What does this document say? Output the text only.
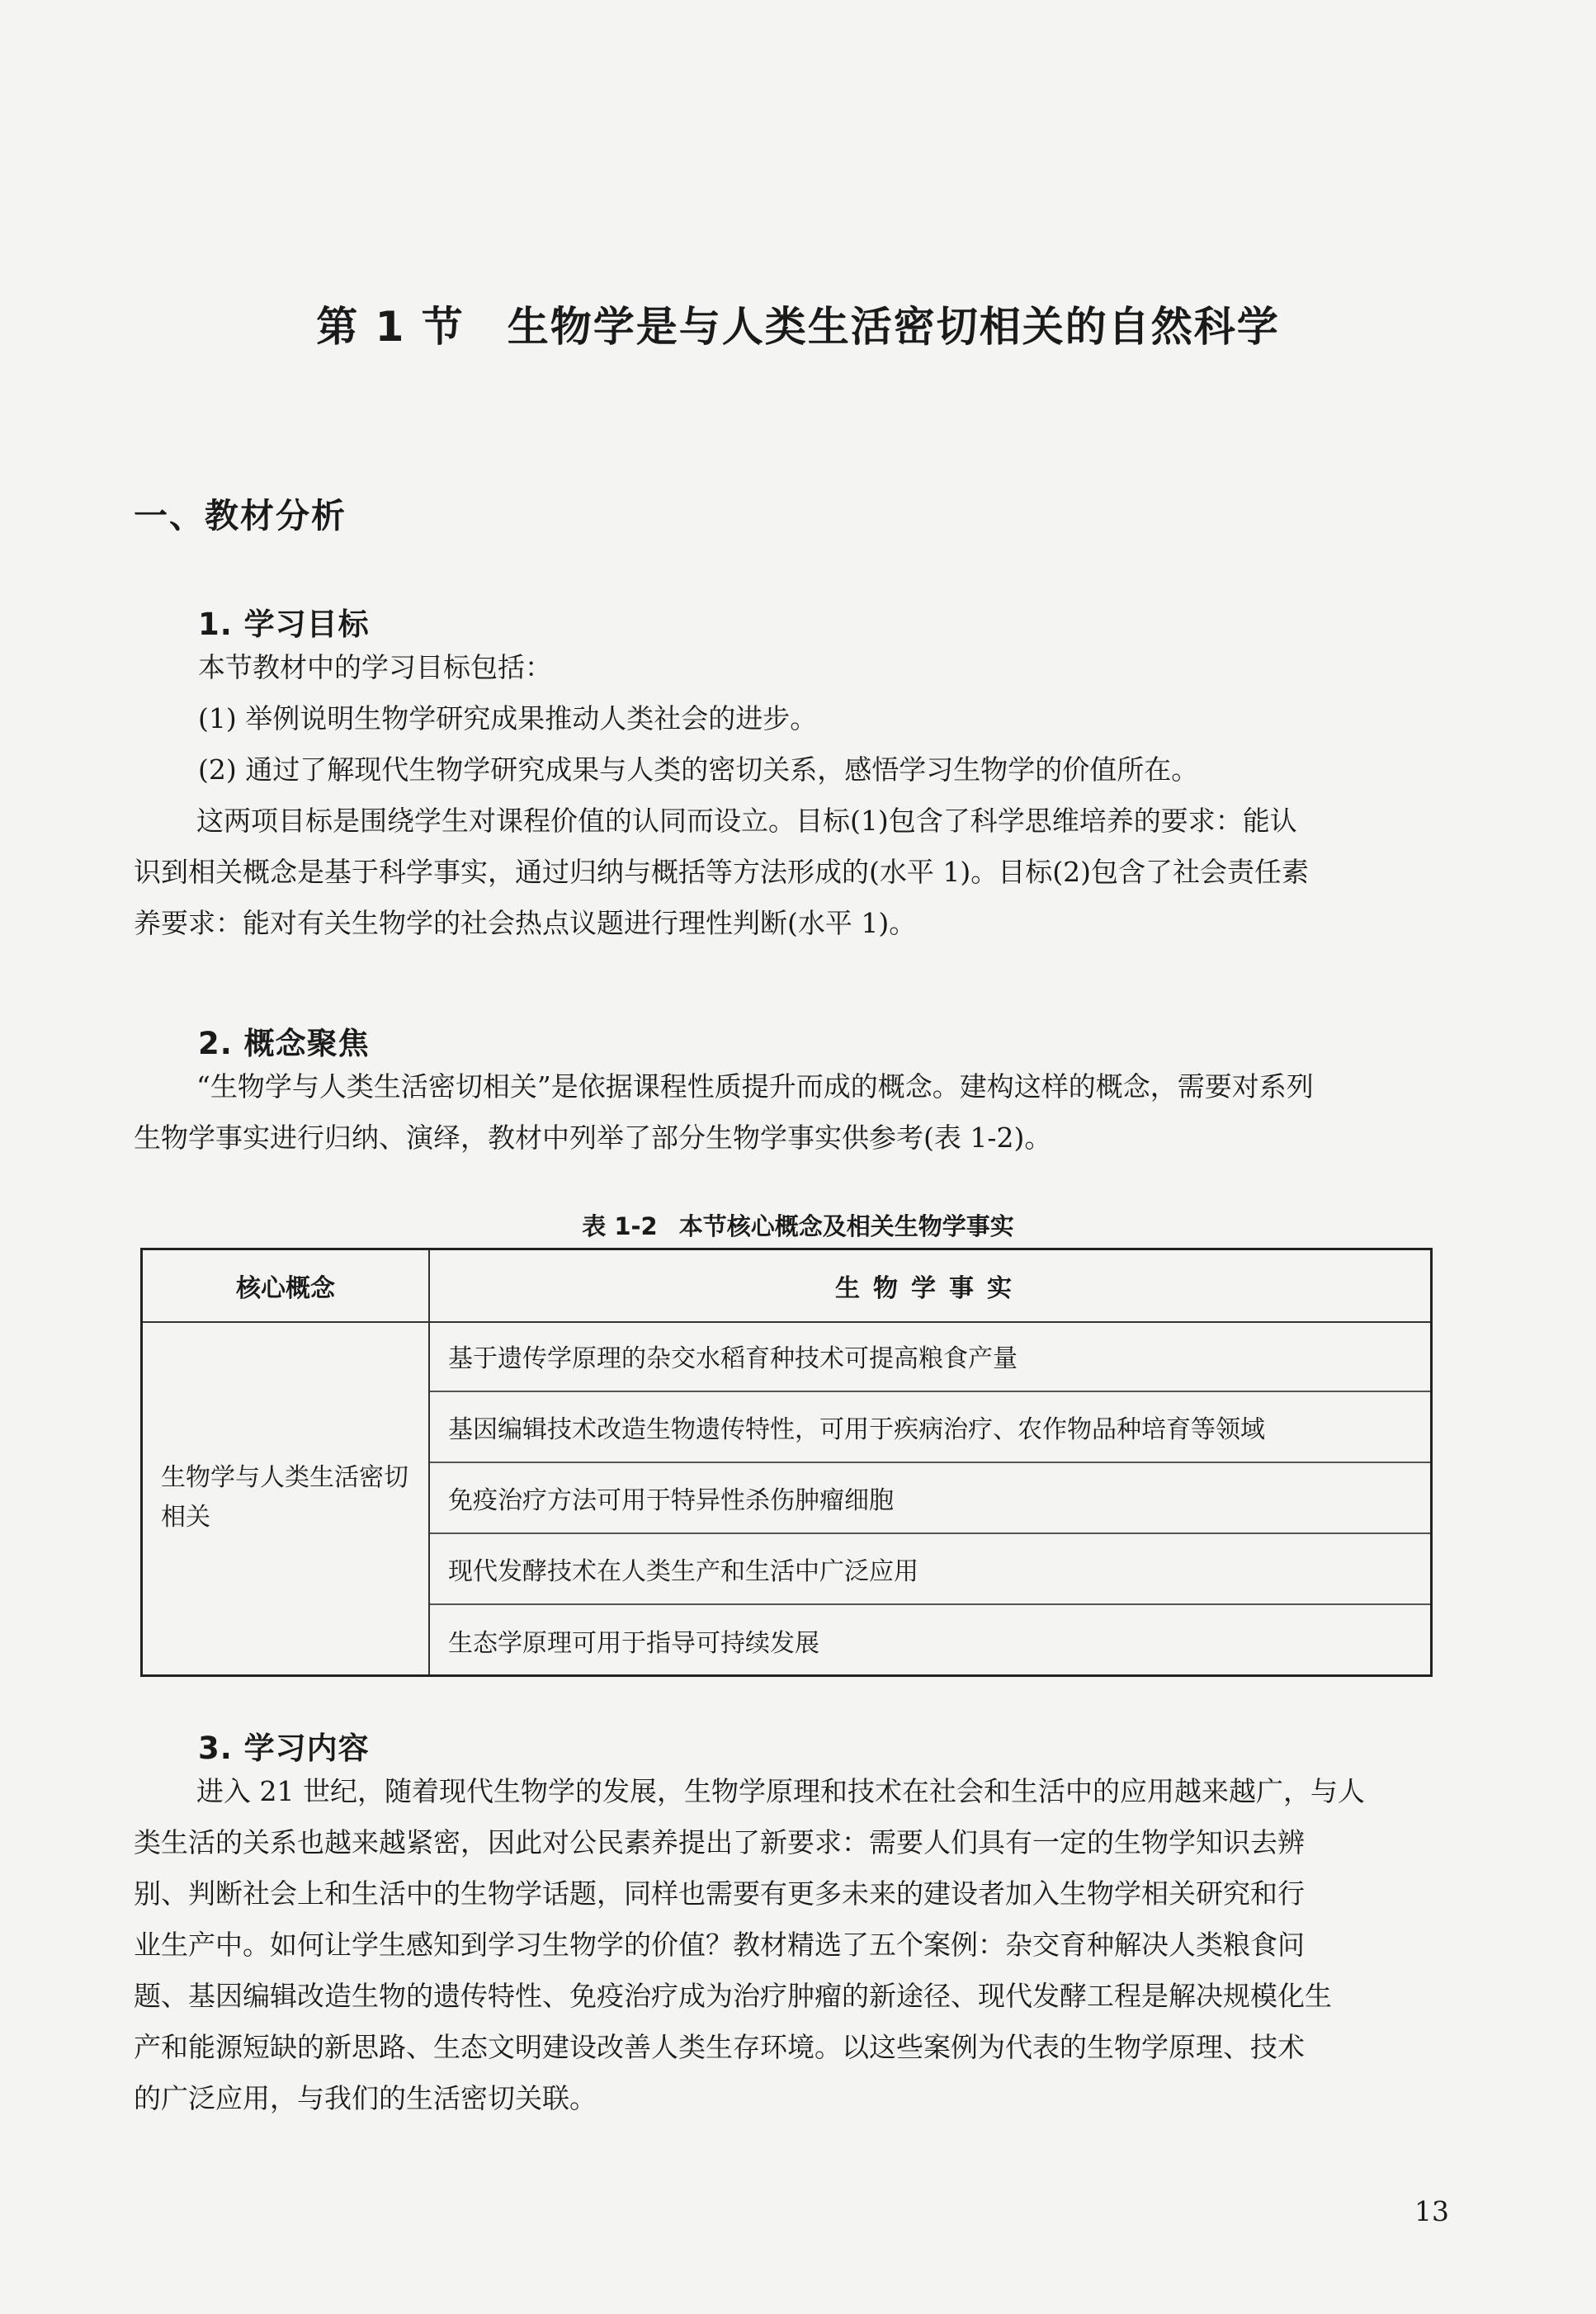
第 1 节 生物学是与人类生活密切相关的自然科学
一、教材分析
1. 学习目标
本节教材中的学习目标包括：
(1) 举例说明生物学研究成果推动人类社会的进步。
(2) 通过了解现代生物学研究成果与人类的密切关系，感悟学习生物学的价值所在。
这两项目标是围绕学生对课程价值的认同而设立。目标(1)包含了科学思维培养的要求：能认
识到相关概念是基于科学事实，通过归纳与概括等方法形成的(水平 1)。目标(2)包含了社会责任素
养要求：能对有关生物学的社会热点议题进行理性判断(水平 1)。
2. 概念聚焦
“生物学与人类生活密切相关”是依据课程性质提升而成的概念。建构这样的概念，需要对系列
生物学事实进行归纳、演绎，教材中列举了部分生物学事实供参考(表 1-2)。
表 1-2 本节核心概念及相关生物学事实
核心概念	生物学事实
生物学与人类生活密切相关
基于遗传学原理的杂交水稻育种技术可提高粮食产量
基因编辑技术改造生物遗传特性，可用于疾病治疗、农作物品种培育等领域
免疫治疗方法可用于特异性杀伤肿瘤细胞
现代发酵技术在人类生产和生活中广泛应用
生态学原理可用于指导可持续发展
3. 学习内容
进入 21 世纪，随着现代生物学的发展，生物学原理和技术在社会和生活中的应用越来越广，与人
类生活的关系也越来越紧密，因此对公民素养提出了新要求：需要人们具有一定的生物学知识去辨
别、判断社会上和生活中的生物学话题，同样也需要有更多未来的建设者加入生物学相关研究和行
业生产中。如何让学生感知到学习生物学的价值？教材精选了五个案例：杂交育种解决人类粮食问
题、基因编辑改造生物的遗传特性、免疫治疗成为治疗肿瘤的新途径、现代发酵工程是解决规模化生
产和能源短缺的新思路、生态文明建设改善人类生存环境。以这些案例为代表的生物学原理、技术
的广泛应用，与我们的生活密切关联。
13
